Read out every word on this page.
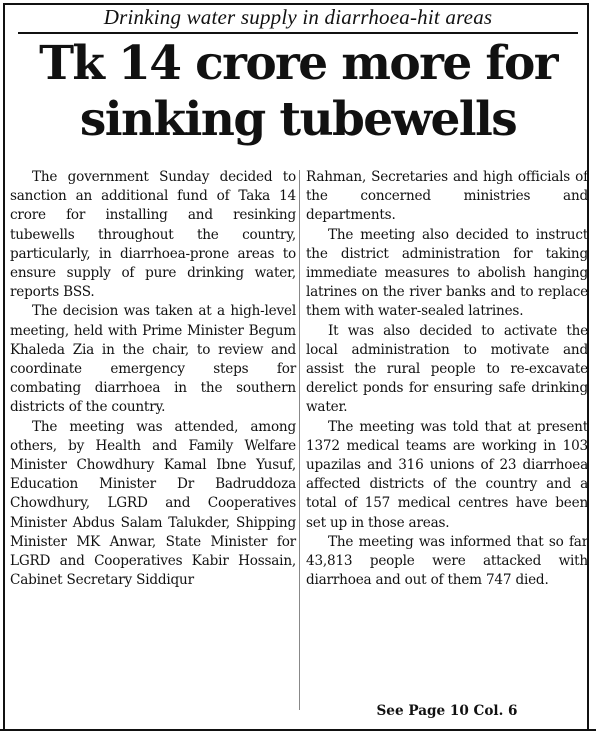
Drinking water supply in diarrhoea-hit areas
Tk 14 crore more for
sinking tubewells

The government Sunday decided to sanction an additional fund of Taka 14 crore for installing and resinking tubewells throughout the country, particularly, in diarrhoea-prone areas to ensure supply of pure drinking water, reports BSS.

The decision was taken at a high-level meeting, held with Prime Minister Begum Khaleda Zia in the chair, to review and coordinate emergency steps for combating diarrhoea in the southern districts of the country.

The meeting was attended, among others, by Health and Family Welfare Minister Chowdhury Kamal Ibne Yusuf, Education Minister Dr Badruddoza Chowdhury, LGRD and Cooperatives Minister Abdus Salam Talukder, Shipping Minister MK Anwar, State Minister for LGRD and Cooperatives Kabir Hossain, Cabinet Secretary Siddiqur

Rahman, Secretaries and high officials of the concerned ministries and departments.

The meeting also decided to instruct the district administration for taking immediate measures to abolish hanging latrines on the river banks and to replace them with water-sealed latrines.

It was also decided to activate the local administration to motivate and assist the rural people to re-excavate derelict ponds for ensuring safe drinking water.

The meeting was told that at present 1372 medical teams are working in 103 upazilas and 316 unions of 23 diarrhoea affected districts of the country and a total of 157 medical centres have been set up in those areas.

The meeting was informed that so far 43,813 people were attacked with diarrhoea and out of them 747 died.

See Page 10 Col. 6
